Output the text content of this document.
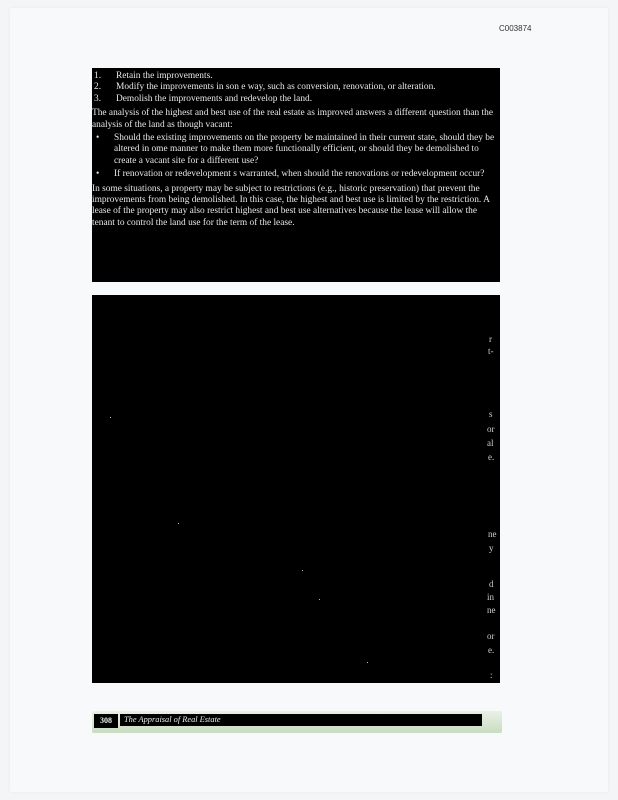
C003874
1.	Retain the improvements.
2.	Modify the improvements in son e way, such as conversion, renovation, or alteration.
3.	Demolish the improvements and redevelop the land.

The analysis of the highest and best use of the real estate as improved answers a different question than the analysis of the land as though vacant:

•	Should the existing improvements on the property be maintained in their current state, should they be altered in ome manner to make them more functionally efficient, or should they be demolished to create a vacant site for a different use?
•	If renovation or redevelopment s warranted, when should the renovations or redevelopment occur?

In some situations, a property may be subject to restrictions (e.g., historic preservation) that prevent the improvements from being demolished. In this case, the highest and best use is limited by the restriction. A lease of the property may also restrict highest and best use alternatives because the lease will allow the tenant to control the land use for the term of the lease.

r
t-
s
or
al
e.
ne
y
d
in
ne
or
e.
:
308	The Appraisal of Real Estate
